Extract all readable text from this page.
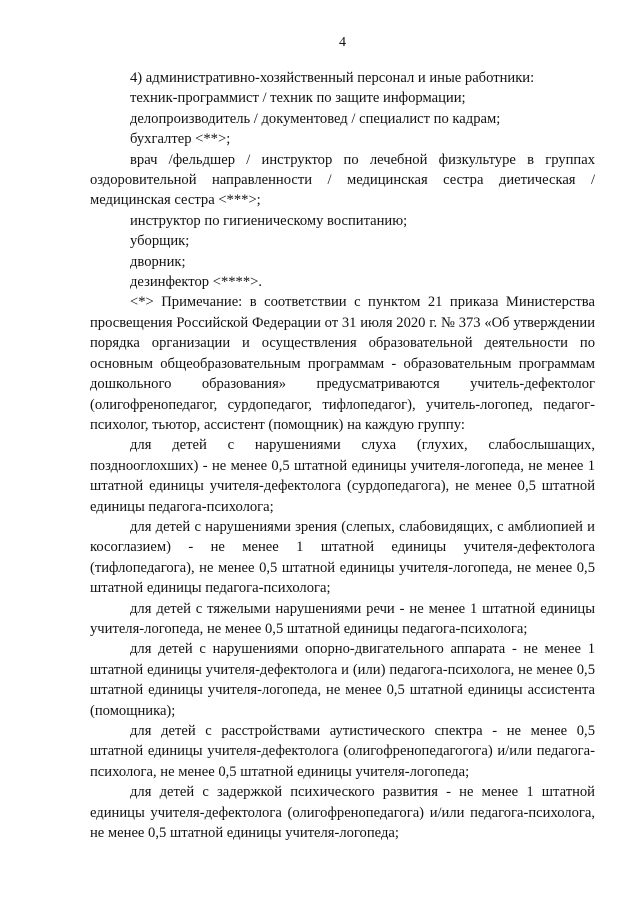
4

4) административно-хозяйственный персонал и иные работники:

техник-программист / техник по защите информации;

делопроизводитель / документовед / специалист по кадрам;

бухгалтер <**>;

врач /фельдшер / инструктор по лечебной физкультуре в группах оздоровительной направленности / медицинская сестра диетическая / медицинская сестра <***>;

инструктор по гигиеническому воспитанию;

уборщик;

дворник;

дезинфектор <****>.

<*> Примечание: в соответствии с пунктом 21 приказа Министерства просвещения Российской Федерации от 31 июля 2020 г. № 373 «Об утверждении порядка организации и осуществления образовательной деятельности по основным общеобразовательным программам - образовательным программам дошкольного образования» предусматриваются учитель-дефектолог (олигофренопедагог, сурдопедагог, тифлопедагог), учитель-логопед, педагог-психолог, тьютор, ассистент (помощник) на каждую группу:

для детей с нарушениями слуха (глухих, слабослышащих, позднооглохших) - не менее 0,5 штатной единицы учителя-логопеда, не менее 1 штатной единицы учителя-дефектолога (сурдопедагога), не менее 0,5 штатной единицы педагога-психолога;

для детей с нарушениями зрения (слепых, слабовидящих, с амблиопией и косоглазием) - не менее 1 штатной единицы учителя-дефектолога (тифлопедагога), не менее 0,5 штатной единицы учителя-логопеда, не менее 0,5 штатной единицы педагога-психолога;

для детей с тяжелыми нарушениями речи - не менее 1 штатной единицы учителя-логопеда, не менее 0,5 штатной единицы педагога-психолога;

для детей с нарушениями опорно-двигательного аппарата - не менее 1 штатной единицы учителя-дефектолога и (или) педагога-психолога, не менее 0,5 штатной единицы учителя-логопеда, не менее 0,5 штатной единицы ассистента (помощника);

для детей с расстройствами аутистического спектра - не менее 0,5 штатной единицы учителя-дефектолога (олигофренопедагогога) и/или педагога-психолога, не менее 0,5 штатной единицы учителя-логопеда;

для детей с задержкой психического развития - не менее 1 штатной единицы учителя-дефектолога (олигофренопедагога) и/или педагога-психолога, не менее 0,5 штатной единицы учителя-логопеда;
